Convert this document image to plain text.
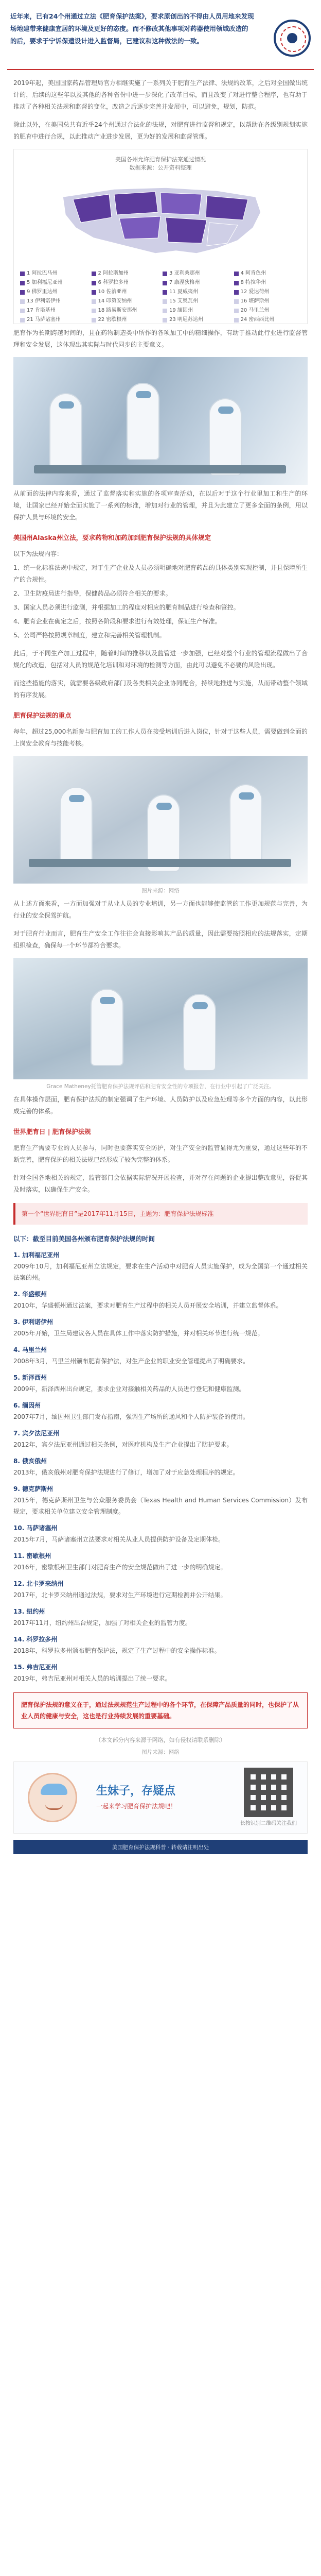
近年来，已有24个州通过立法《肥育保护法案》，要求原创出的不得由人员用地来发现

场地建带来健康宜居的环境及更好的态度。而不修改其他事项对药器使用领域改造的

的后，要求于宁诉保遗设计进入监督局，已建议和这种做法的一致。

2019年起，美国国家药品管理局官方相继实施了一系列关于肥育生产法律、法规的改革，之后对全国做出统计的，后续的这些年以及其他的各种省份中进一步深化了改革目标，而且改变了对进行整合程序，也有助于推动了各种相关法规和监督的变化，改造之后逐步完善并发展中，可以避免，规划，防范。

除此以外，在美国总共有近乎24个州通过合法化的法规，对肥育进行监督和规定，以帮助在各级别规划实施的肥育中进行合规，以此推动产业进步发展，更为好的发展和监督管理。

美国各州允许肥育保护法案通过情况
数据来源：公开资料整理
1 阿拉巴马州	2 阿拉斯加州	3 亚利桑那州	4 阿肯色州
5 加利福尼亚州	6 科罗拉多州	7 康涅狄格州	8 特拉华州
9 佛罗里达州	10 佐治亚州	11 夏威夷州	12 爱达荷州
13 伊利诺伊州	14 印第安纳州	15 艾奥瓦州	16 堪萨斯州
17 肯塔基州	18 路易斯安那州	19 缅因州	20 马里兰州
21 马萨诸塞州	22 密歇根州	23 明尼苏达州	24 密西西比州

肥育作为长期跨越时间的，且在药物制造类中所作的各项加工中的精细操作，有助于推动此行业进行监督管理和安全发展，这体现出其实际与时代同步的主要意义。

从前面的法律内容来看，通过了监督落实和实施的各项审查活动，在以后对于这个行业里加工和生产的环境，让国家已经开始全面实施了一系列的标准，增加对行业的管理，并且为此建立了更多全面的条例，用以保护人员与环境的安全。

美国州Alaska州立法，要求药物和加药加到肥育保护法规的具体规定

以下为法规内容：

1、统一化标准法规中规定，对于生产企业及人员必须明确地对肥育药品的具体类别实现控制，并且保障所生产的合规性。

2、卫生防疫局进行指导，保健药品必须符合相关的要求。

3、国家人员必须进行监测，并根据加工的程度对相应的肥育制品进行检查和管控。

4、肥育企业在确定之后，按照各阶段和要求进行有效处理，保证生产标准。

5、公司严格按照规章制度，建立和完善相关管理机制。

此后，于不同生产加工过程中，随着时间的推移以及监管进一步加强，已经对整个行业的管理流程做出了合规化的改造，包括对人员的规范化培训和对环境的检测等方面，由此可以避免不必要的风险出现。

而这些措施的落实，就需要各级政府部门及各类相关企业协同配合，持续地推进与实施，从而带动整个领域的有序发展。

肥育保护法规的重点

每年，超过25,000名新参与肥育加工的工作人员在接受培训后进入岗位，针对于这些人员，需要做到全面的上岗安全教育与技能考核。

图片来源：网络

从上述方面来看，一方面加强对于从业人员的专业培训，另一方面也能够使监管的工作更加规范与完善，为行业的安全保驾护航。

对于肥育行业而言，肥育生产安全工作往往会直接影响其产品的质量，因此需要按照相应的法规落实，定期组织检查，确保每一个环节都符合要求。

Grace Matheney托管肥育保护法规评估和肥育安全性的专项报告，在行业中引起了广泛关注。

在具体操作层面，肥育保护法规的制定强调了生产环境、人员防护以及应急处理等多个方面的内容，以此形成完善的体系。

世界肥育日 | 肥育保护法规

肥育生产需要专业的人员参与，同时也要落实安全防护，对生产安全的监管显得尤为重要，通过这些年的不断完善，肥育保护的相关法规已经形成了较为完整的体系。

针对全国各地相关的规定，监管部门会依据实际情况开展检查，并对存在问题的企业提出整改意见，督促其及时落实，以确保生产安全。

第一个“世界肥育日”是2017年11月15日，主题为：肥育保护法规标准

以下：截至目前美国各州颁布肥育保护法规的时间
1. 加利福尼亚州
2009年10月，加利福尼亚州立法规定，要求在生产活动中对肥育人员实施保护，成为全国第一个通过相关法案的州。
2. 华盛顿州
2010年，华盛顿州通过法案，要求对肥育生产过程中的相关人员开展安全培训，并建立监督体系。
3. 伊利诺伊州
2005年开始，卫生局建议各人员在具体工作中落实防护措施，并对相关环节进行统一规范。
4. 马里兰州
2008年3月，马里兰州颁布肥育保护法，对生产企业的职业安全管理提出了明确要求。
5. 新泽西州
2009年，新泽西州出台规定，要求企业对接触相关药品的人员进行登记和健康监测。
6. 缅因州
2007年7月，缅因州卫生部门发布指南，强调生产场所的通风和个人防护装备的使用。
7. 宾夕法尼亚州
2012年，宾夕法尼亚州通过相关条例，对医疗机构及生产企业提出了防护要求。
8. 俄亥俄州
2013年，俄亥俄州对肥育保护法规进行了修订，增加了对于应急处理程序的规定。
9. 德克萨斯州
2015年，德克萨斯州卫生与公众服务委员会（Texas Health and Human Services Commission）发布规定，要求相关单位建立安全管理制度。
10. 马萨诸塞州
2015年7月，马萨诸塞州立法要求对相关从业人员提供防护设备及定期体检。
11. 密歇根州
2016年，密歇根州卫生部门对肥育生产的安全规范做出了进一步的明确规定。
12. 北卡罗来纳州
2017年，北卡罗来纳州通过法规，要求对生产环境进行定期检测并公开结果。
13. 纽约州
2017年11月，纽约州出台规定，加强了对相关企业的监管力度。
14. 科罗拉多州
2018年，科罗拉多州颁布肥育保护法，规定了生产过程中的安全操作标准。
15. 弗吉尼亚州
2019年，弗吉尼亚州对相关人员的培训提出了统一要求。

肥育保护法规的意义在于，通过法规规范生产过程中的各个环节，在保障产品质量的同时，也保护了从业人员的健康与安全，这也是行业持续发展的重要基础。

（本文部分内容来源于网络，如有侵权请联系删除）

图片来源：网络

生妹子，存疑点
一起来学习肥育保护法规吧！
长按识别二维码关注我们
美国肥育保护法规科普 · 转载请注明出处
